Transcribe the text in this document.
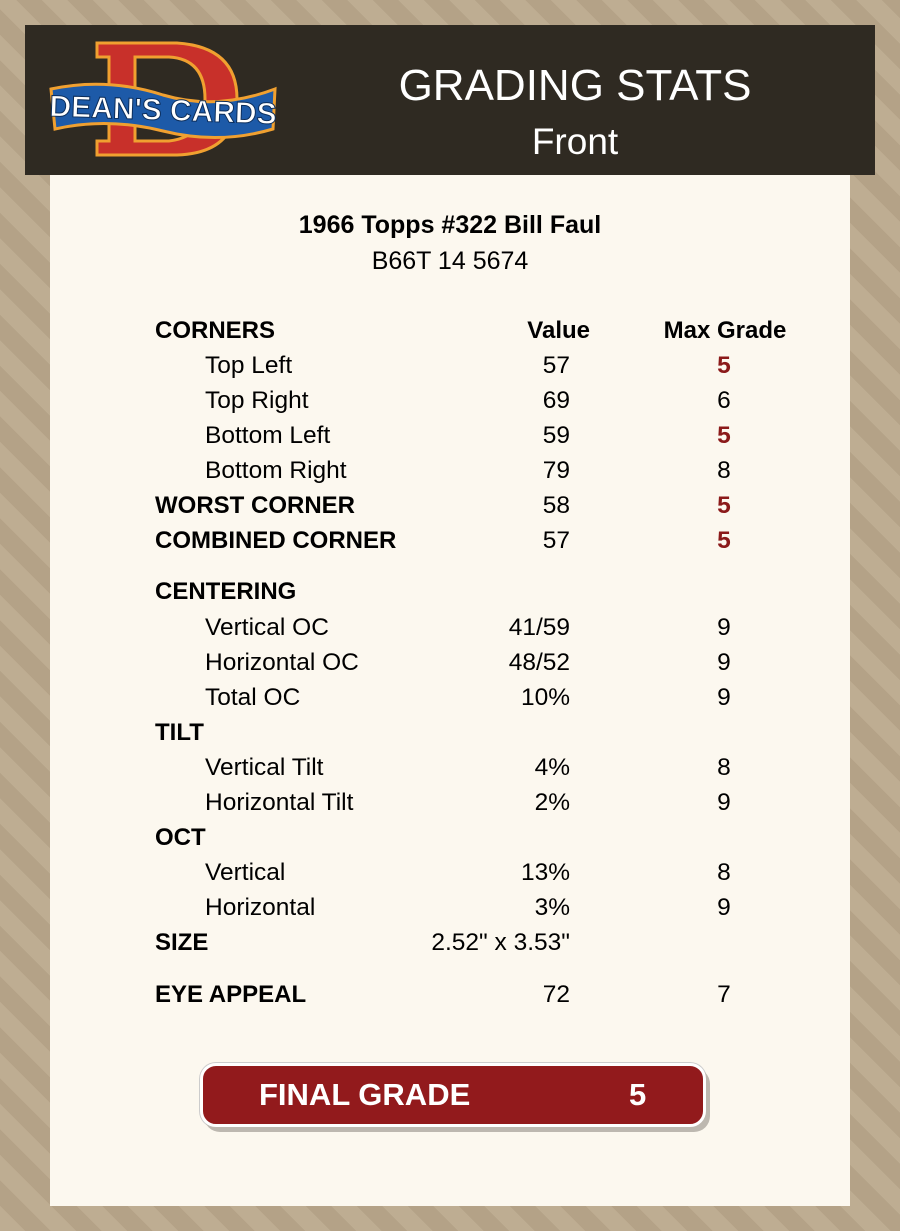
DEAN'S CARDS
GRADING STATS
Front
1966 Topps #322 Bill Faul
B66T 14 5674
CORNERS	Value	Max Grade
Top Left	57	5
Top Right	69	6
Bottom Left	59	5
Bottom Right	79	8
WORST CORNER	58	5
COMBINED CORNER	57	5
CENTERING
Vertical OC	41/59	9
Horizontal OC	48/52	9
Total OC	10%	9
TILT
Vertical Tilt	4%	8
Horizontal Tilt	2%	9
OCT
Vertical	13%	8
Horizontal	3%	9
SIZE	2.52" x 3.53"
EYE APPEAL	72	7
FINAL GRADE	5
